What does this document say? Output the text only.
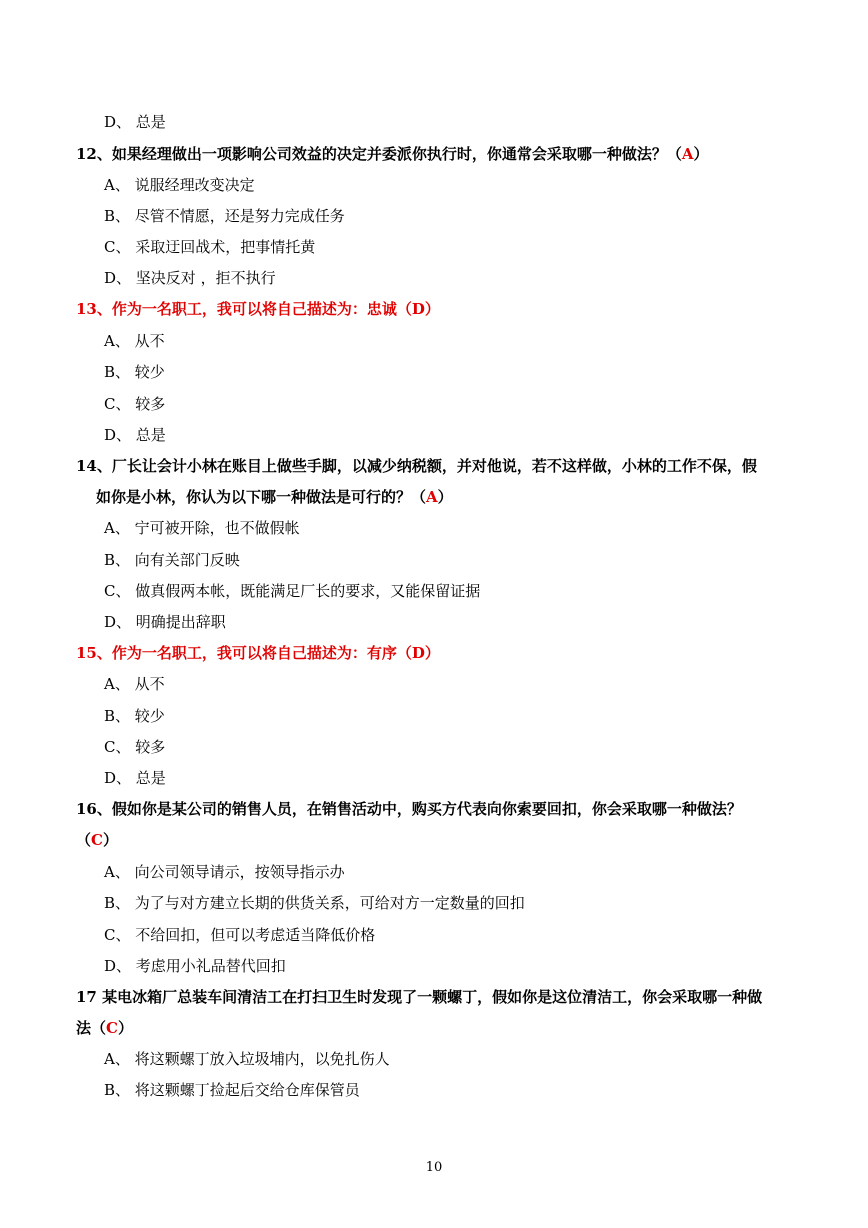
D、 总是
12、如果经理做出一项影响公司效益的决定并委派你执行时，你通常会采取哪一种做法？（A）
A、 说服经理改变决定
B、 尽管不情愿，还是努力完成任务
C、 采取迂回战术，把事情托黄
D、 坚决反对 ，拒不执行
13、作为一名职工，我可以将自己描述为：忠诚（D）
A、 从不
B、 较少
C、 较多
D、 总是
14、厂长让会计小林在账目上做些手脚，以减少纳税额，并对他说，若不这样做，小林的工作不保，假
如你是小林，你认为以下哪一种做法是可行的？（A）
A、 宁可被开除，也不做假帐
B、 向有关部门反映
C、 做真假两本帐，既能满足厂长的要求，又能保留证据
D、 明确提出辞职
15、作为一名职工，我可以将自己描述为：有序（D）
A、 从不
B、 较少
C、 较多
D、 总是
16、假如你是某公司的销售人员，在销售活动中，购买方代表向你索要回扣，你会采取哪一种做法？
（C）
A、 向公司领导请示，按领导指示办
B、 为了与对方建立长期的供货关系，可给对方一定数量的回扣
C、 不给回扣，但可以考虑适当降低价格
D、 考虑用小礼品替代回扣
17 某电冰箱厂总装车间清洁工在打扫卫生时发现了一颗螺丁，假如你是这位清洁工，你会采取哪一种做
法（C）
A、 将这颗螺丁放入垃圾埔内，以免扎伤人
B、 将这颗螺丁捡起后交给仓库保管员
10
